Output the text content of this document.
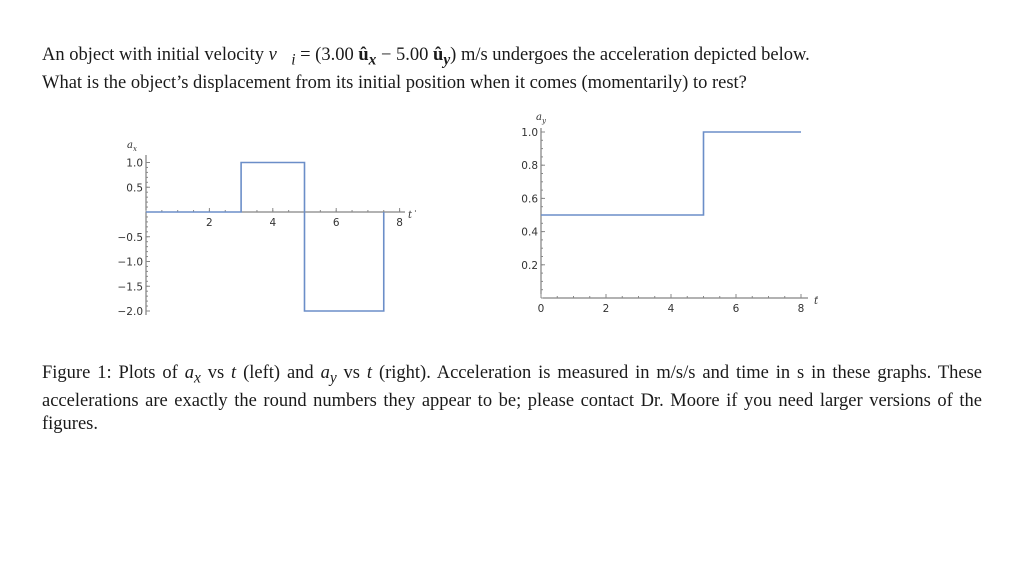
An object with initial velocity $v⃗_i = (3.00$ $û_x - 5.00$ $û_y$) m/s undergoes the acceleration depicted below.

What is the object’s displacement from its initial position when it comes (momentarily) to rest?

1.0
0.5
−0.5
−1.0
−1.5
−2.0
2	4	6	8
$a_x$
t
1.0
0.8
0.6
0.4
0.2
0	2	4	6	8
$a_y$
t

Figure 1: Plots of $a_x$ vs t (left) and $a_y$ vs t (right). Acceleration is measured in m/s/s and time in s in these graphs. These accelerations are exactly the round numbers they appear to be; please contact Dr. Moore if you need larger versions of the figures.
